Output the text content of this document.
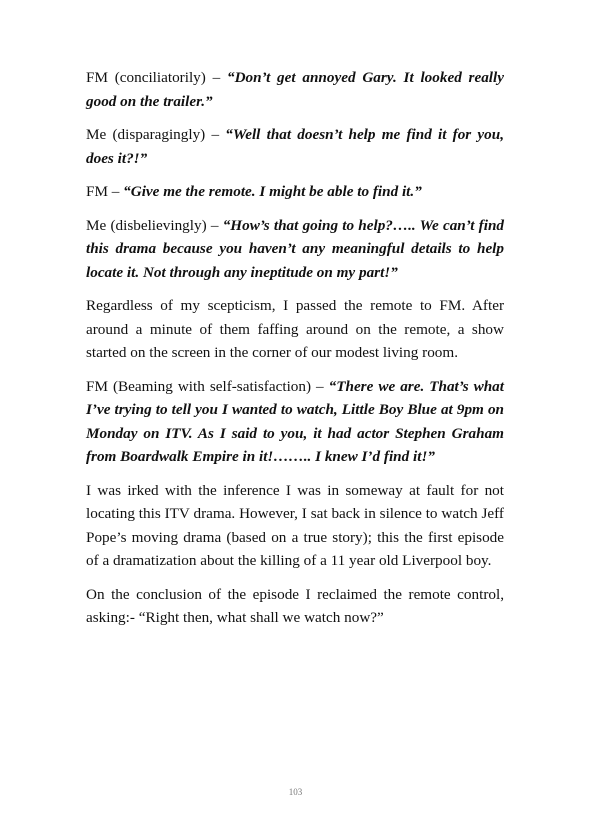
FM (conciliatorily) – “Don’t get annoyed Gary. It looked really good on the trailer.”

Me (disparagingly) – “Well that doesn’t help me find it for you, does it?!”

FM – “Give me the remote. I might be able to find it.”

Me (disbelievingly) – “How’s that going to help?….. We can’t find this drama because you haven’t any meaningful details to help locate it. Not through any ineptitude on my part!”

Regardless of my scepticism, I passed the remote to FM. After around a minute of them faffing around on the remote, a show started on the screen in the corner of our modest living room.

FM (Beaming with self-satisfaction) – “There we are. That’s what I’ve trying to tell you I wanted to watch, Little Boy Blue at 9pm on Monday on ITV. As I said to you, it had actor Stephen Graham from Boardwalk Empire in it!…….. I knew I’d find it!”

I was irked with the inference I was in someway at fault for not locating this ITV drama. However, I sat back in silence to watch Jeff Pope’s moving drama (based on a true story); this the first episode of a dramatization about the killing of a 11 year old Liverpool boy.

On the conclusion of the episode I reclaimed the remote control, asking:- “Right then, what shall we watch now?”

103
